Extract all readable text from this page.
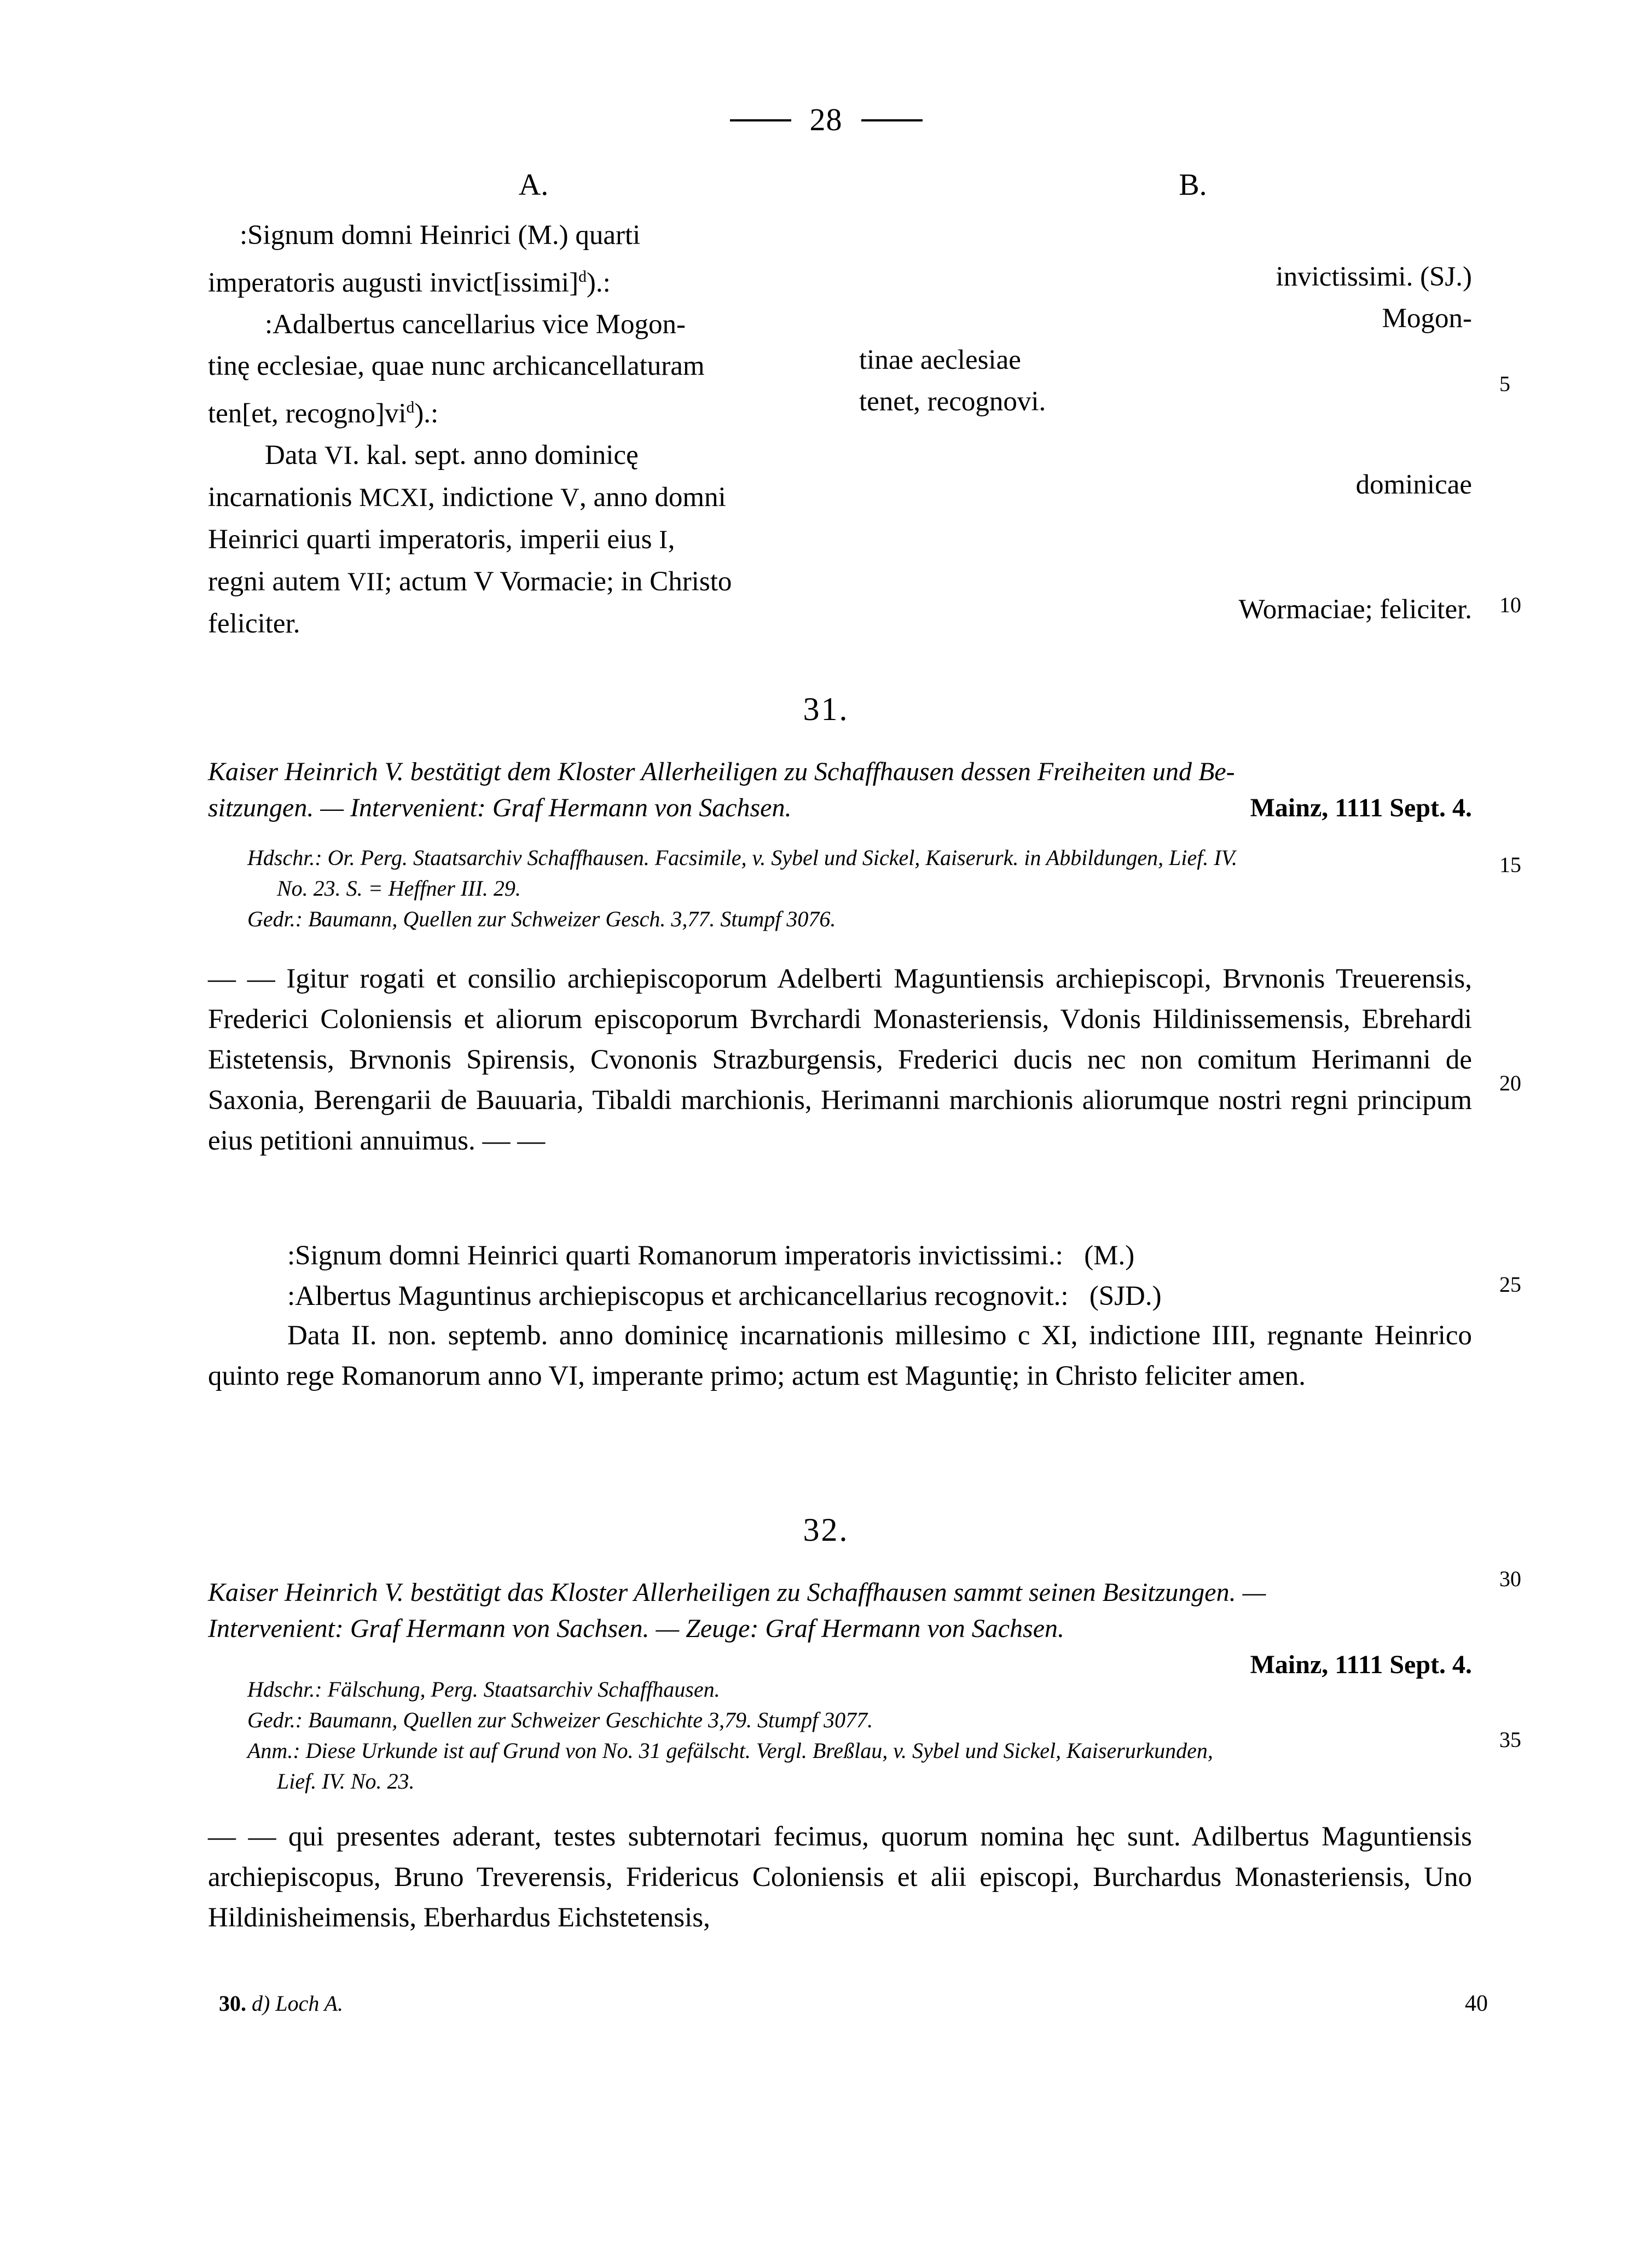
28
A.
:Signum domni Heinrici (M.) quarti
imperatoris augusti invict[issimi]$^d$).:
:Adalbertus cancellarius vice Mogon-
tinę ecclesiae, quae nunc archicancellaturam
ten[et, recogno]vi$^d$).:
Data VI. kal. sept. anno dominicę
incarnationis MCXI, indictione V, anno domni
Heinrici quarti imperatoris, imperii eius I,
regni autem VII; actum V Vormacie; in Christo
feliciter.
B.
invictissimi. (SJ.)
Mogon-
tinae aeclesiae
tenet, recognovi.
dominicae
Wormaciae; feliciter.
5
10
15
20
25
30
35
31.
Kaiser Heinrich V. bestätigt dem Kloster Allerheiligen zu Schaffhausen dessen Freiheiten und Be-
Mainz, 1111 Sept. 4.
sitzungen. — Intervenient: Graf Hermann von Sachsen.
Hdschr.: Or. Perg. Staatsarchiv Schaffhausen. Facsimile, v. Sybel und Sickel, Kaiserurk. in Abbildungen, Lief. IV.
No. 23. S. = Heffner III. 29.
Gedr.: Baumann, Quellen zur Schweizer Gesch. 3,77. Stumpf 3076.

— — Igitur rogati et consilio archiepiscoporum Adelberti Maguntiensis archiepiscopi, Brvnonis Treuerensis, Frederici Coloniensis et aliorum episcoporum Bvrchardi Monasteriensis, Vdonis Hildinissemensis, Ebrehardi Eistetensis, Brvnonis Spirensis, Cvononis Strazburgensis, Frederici ducis nec non comitum Herimanni de Saxonia, Berengarii de Bauuaria, Tibaldi marchionis, Herimanni marchionis aliorumque nostri regni principum eius petitioni annuimus. — —

:Signum domni Heinrici quarti Romanorum imperatoris invictissimi.: (M.)
:Albertus Maguntinus archiepiscopus et archicancellarius recognovit.: (SJD.)

Data II. non. septemb. anno dominicę incarnationis millesimo c XI, indictione IIII, regnante Heinrico quinto rege Romanorum anno VI, imperante primo; actum est Maguntię; in Christo feliciter amen.

32.
Kaiser Heinrich V. bestätigt das Kloster Allerheiligen zu Schaffhausen sammt seinen Besitzungen. —
Intervenient: Graf Hermann von Sachsen. — Zeuge: Graf Hermann von Sachsen.
Mainz, 1111 Sept. 4.
Hdschr.: Fälschung, Perg. Staatsarchiv Schaffhausen.
Gedr.: Baumann, Quellen zur Schweizer Geschichte 3,79. Stumpf 3077.
Anm.: Diese Urkunde ist auf Grund von No. 31 gefälscht. Vergl. Breßlau, v. Sybel und Sickel, Kaiserurkunden,
Lief. IV. No. 23.

— — qui presentes aderant, testes subternotari fecimus, quorum nomina hęc sunt. Adilbertus Maguntiensis archiepiscopus, Bruno Treverensis, Fridericus Coloniensis et alii episcopi, Burchardus Monasteriensis, Uno Hildinisheimensis, Eberhardus Eichstetensis,

30. d) Loch A.	40
